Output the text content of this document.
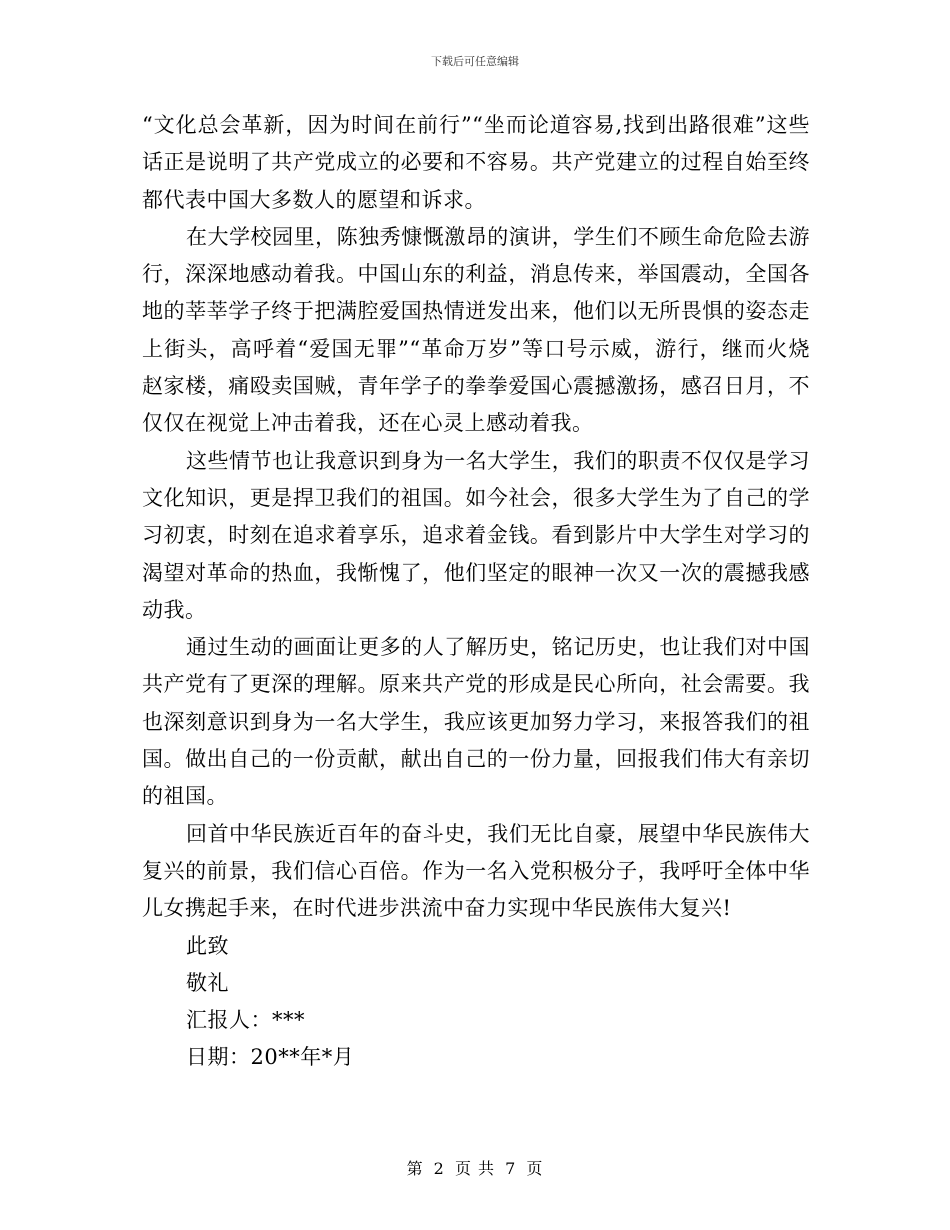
下载后可任意编辑

“文化总会革新，因为时间在前行”“坐而论道容易,找到出路很难”这些话正是说明了共产党成立的必要和不容易。共产党建立的过程自始至终都代表中国大多数人的愿望和诉求。

在大学校园里，陈独秀慷慨激昂的演讲，学生们不顾生命危险去游行，深深地感动着我。中国山东的利益，消息传来，举国震动，全国各地的莘莘学子终于把满腔爱国热情迸发出来，他们以无所畏惧的姿态走上街头，高呼着“爱国无罪”“革命万岁”等口号示威，游行，继而火烧赵家楼，痛殴卖国贼，青年学子的拳拳爱国心震撼激扬，感召日月，不仅仅在视觉上冲击着我，还在心灵上感动着我。

这些情节也让我意识到身为一名大学生，我们的职责不仅仅是学习文化知识，更是捍卫我们的祖国。如今社会，很多大学生为了自己的学习初衷，时刻在追求着享乐，追求着金钱。看到影片中大学生对学习的渴望对革命的热血，我惭愧了，他们坚定的眼神一次又一次的震撼我感动我。

通过生动的画面让更多的人了解历史，铭记历史，也让我们对中国共产党有了更深的理解。原来共产党的形成是民心所向，社会需要。我也深刻意识到身为一名大学生，我应该更加努力学习，来报答我们的祖国。做出自己的一份贡献，献出自己的一份力量，回报我们伟大有亲切的祖国。

回首中华民族近百年的奋斗史，我们无比自豪，展望中华民族伟大复兴的前景，我们信心百倍。作为一名入党积极分子，我呼吁全体中华儿女携起手来，在时代进步洪流中奋力实现中华民族伟大复兴!

此致

敬礼

汇报人：***

日期：20**年*月

第 2 页 共 7 页
